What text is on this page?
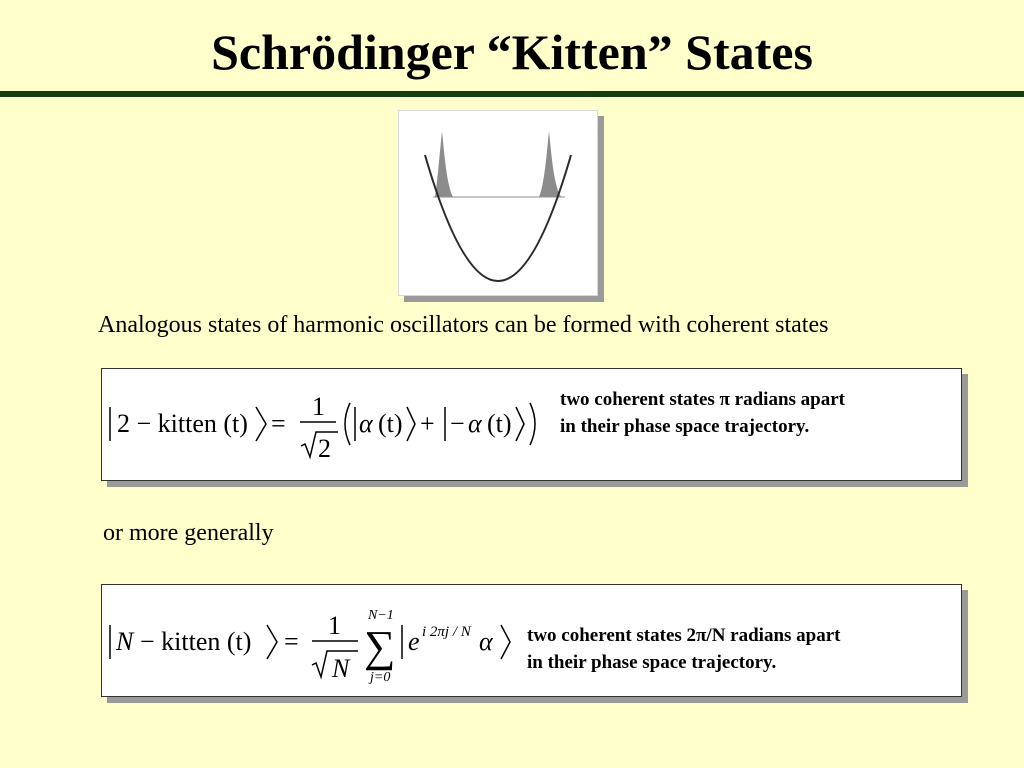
Schrödinger “Kitten” States
Analogous states of harmonic oscillators can be formed with coherent states
2 − kitten (t) =
1
2
α (t) + − α (t)
two coherent states π radians apart
in their phase space trajectory.
or more generally
N − kitten (t) =
1
N
N−1
∑
j=0
e i 2πj / N α two coherent states 2π/N radians apart
in their phase space trajectory.
